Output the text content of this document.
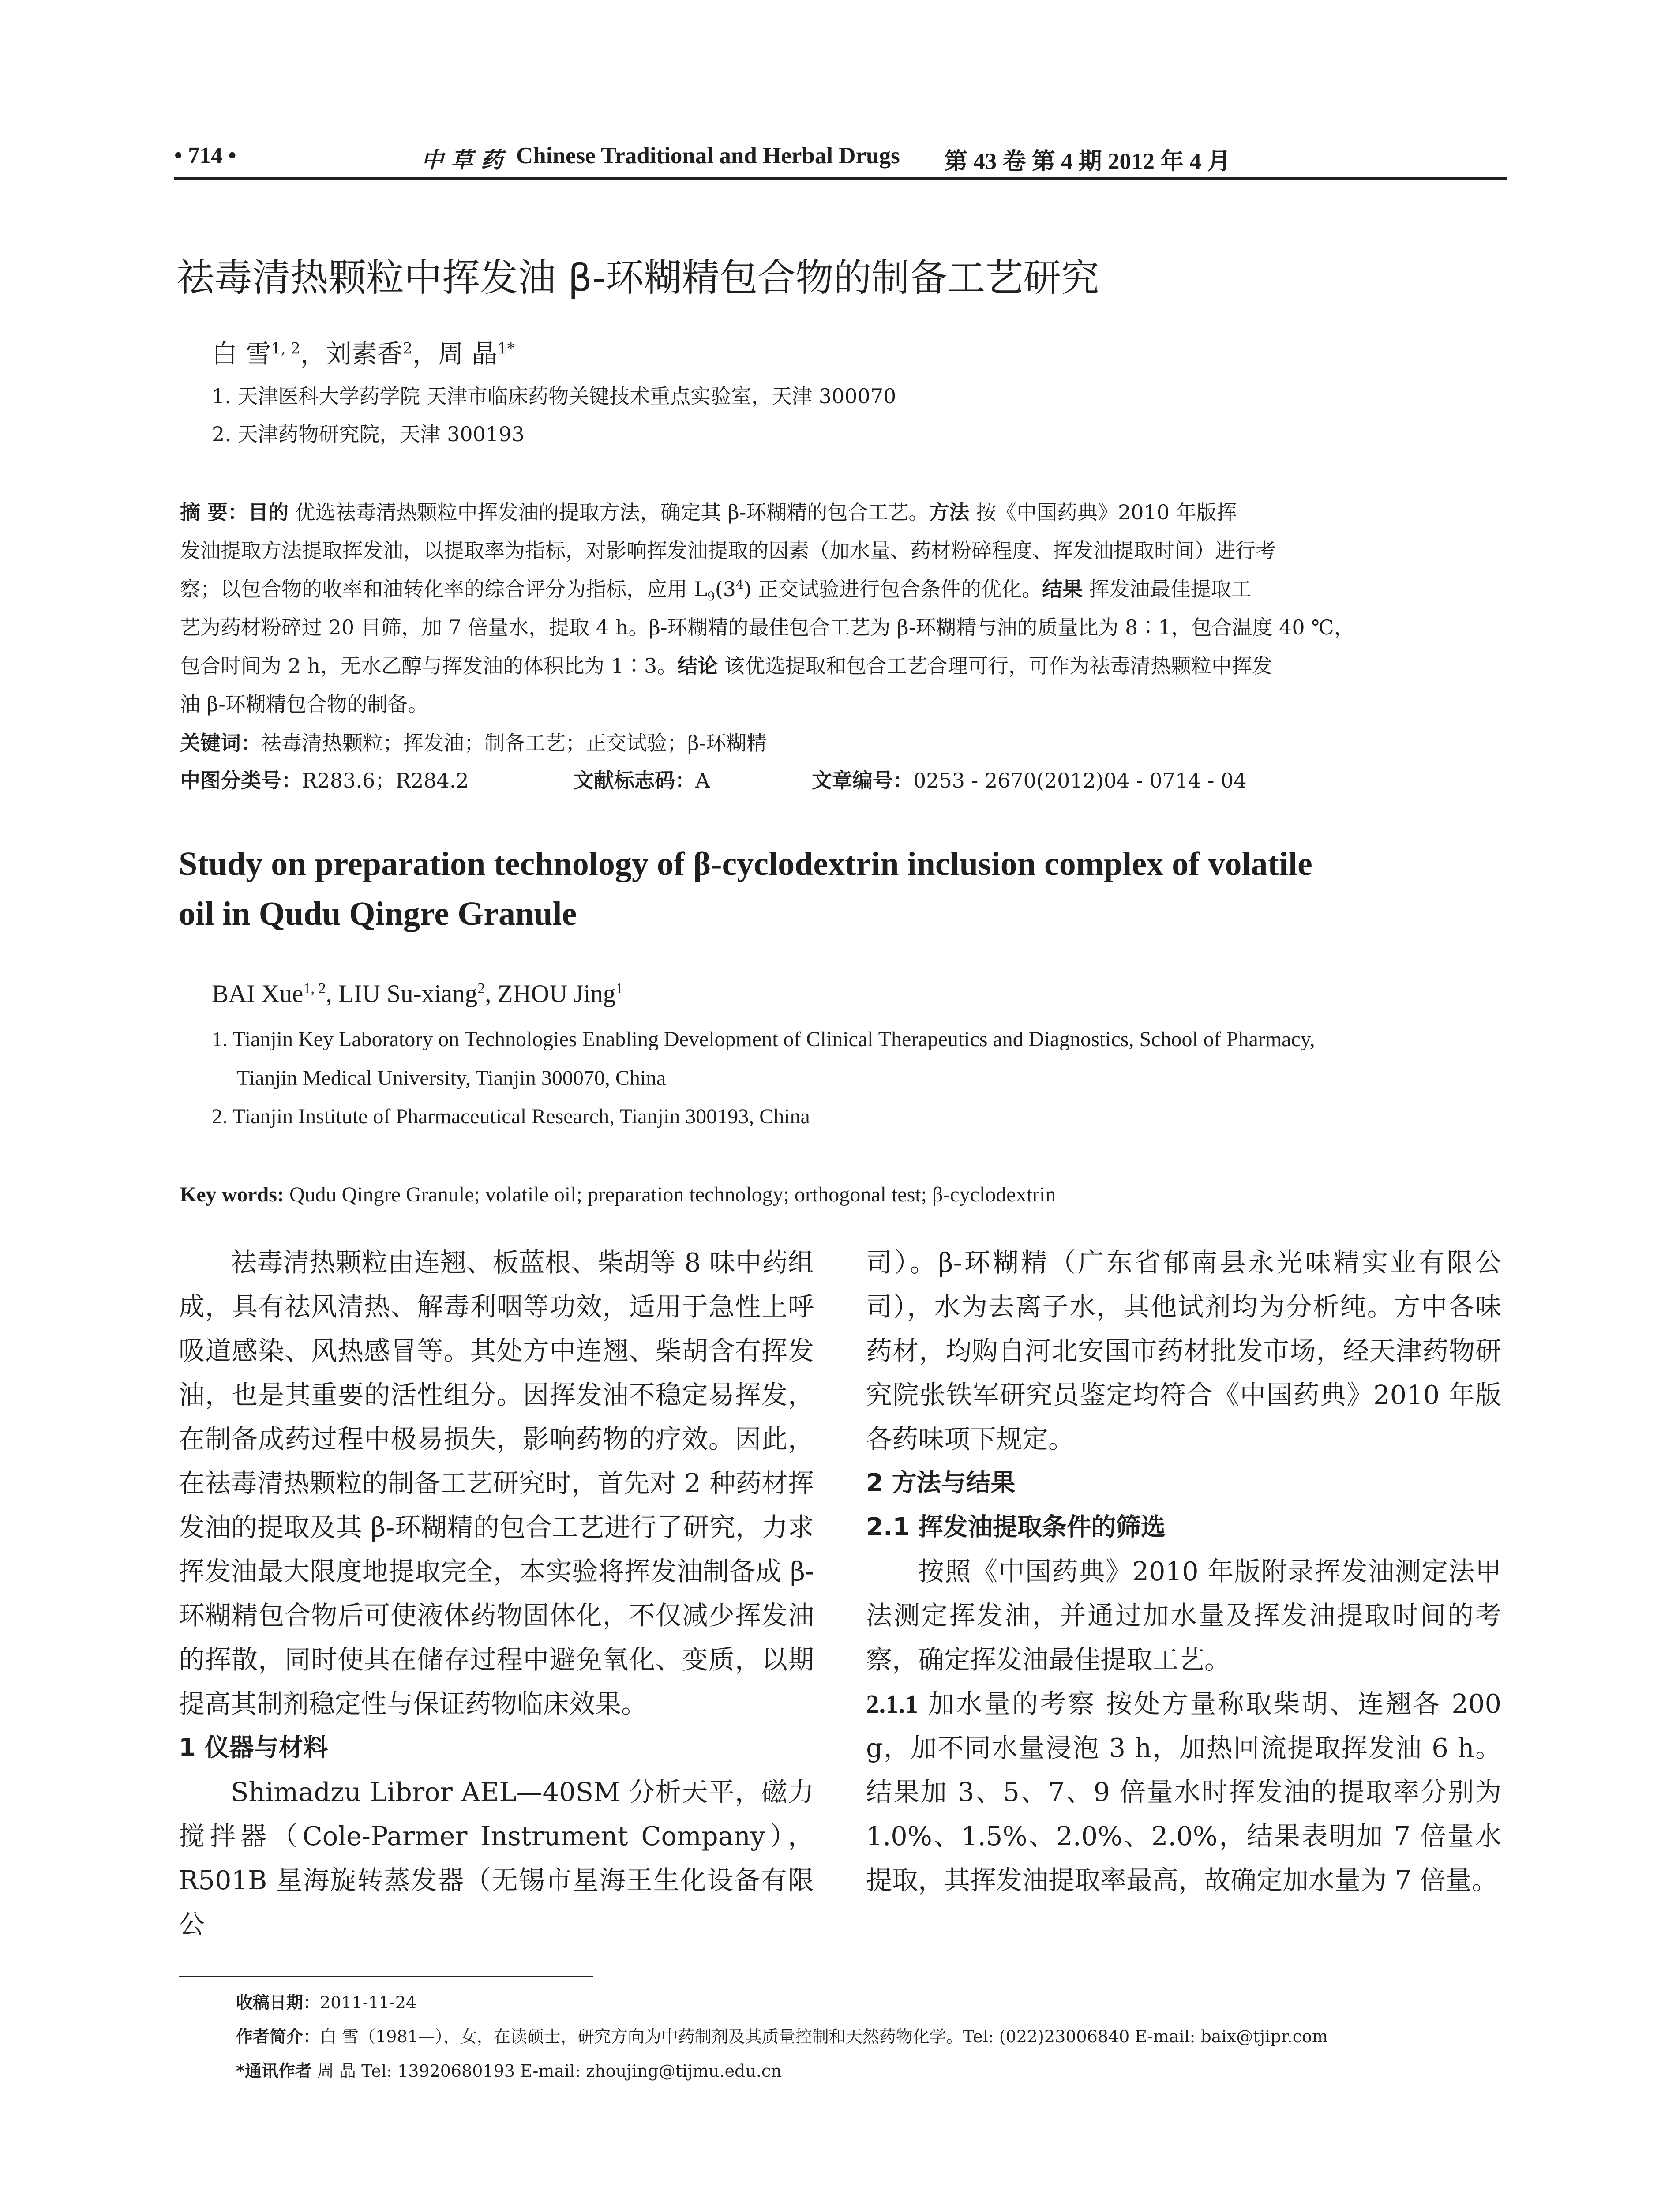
• 714 •	中 草 药 Chinese Traditional and Herbal Drugs 第 43 卷 第 4 期 2012 年 4 月
祛毒清热颗粒中挥发油 β-环糊精包合物的制备工艺研究
白 雪$^{1, 2}$，刘素香$^2$，周 晶$^{1*}$
1. 天津医科大学药学院 天津市临床药物关键技术重点实验室，天津 300070
2. 天津药物研究院，天津 300193
摘 要：目的 优选祛毒清热颗粒中挥发油的提取方法，确定其 β-环糊精的包合工艺。方法 按《中国药典》2010 年版挥
发油提取方法提取挥发油，以提取率为指标，对影响挥发油提取的因素（加水量、药材粉碎程度、挥发油提取时间）进行考
察；以包合物的收率和油转化率的综合评分为指标，应用 $L_9(3^4)$ 正交试验进行包合条件的优化。结果 挥发油最佳提取工
艺为药材粉碎过 20 目筛，加 7 倍量水，提取 4 h。β-环糊精的最佳包合工艺为 β-环糊精与油的质量比为 8∶1，包合温度 40 ℃，
包合时间为 2 h，无水乙醇与挥发油的体积比为 1∶3。结论 该优选提取和包合工艺合理可行，可作为祛毒清热颗粒中挥发
油 β-环糊精包合物的制备。
关键词：祛毒清热颗粒；挥发油；制备工艺；正交试验；β-环糊精
中图分类号：R283.6；R284.2	文献标志码：A	文章编号：0253 - 2670(2012)04 - 0714 - 04
Study on preparation technology of β-cyclodextrin inclusion complex of volatile
oil in Qudu Qingre Granule
BAI Xue$^{1, 2}$, LIU Su-xiang$^2$, ZHOU Jing$^1$
1. Tianjin Key Laboratory on Technologies Enabling Development of Clinical Therapeutics and Diagnostics, School of Pharmacy,
Tianjin Medical University, Tianjin 300070, China
2. Tianjin Institute of Pharmaceutical Research, Tianjin 300193, China
Key words: Qudu Qingre Granule; volatile oil; preparation technology; orthogonal test; β-cyclodextrin

祛毒清热颗粒由连翘、板蓝根、柴胡等 8 味中药组成，具有祛风清热、解毒利咽等功效，适用于急性上呼吸道感染、风热感冒等。其处方中连翘、柴胡含有挥发油，也是其重要的活性组分。因挥发油不稳定易挥发，在制备成药过程中极易损失，影响药物的疗效。因此，在祛毒清热颗粒的制备工艺研究时，首先对 2 种药材挥发油的提取及其 β-环糊精的包合工艺进行了研究，力求挥发油最大限度地提取完全，本实验将挥发油制备成 β-环糊精包合物后可使液体药物固体化，不仅减少挥发油的挥散，同时使其在储存过程中避免氧化、变质，以期提高其制剂稳定性与保证药物临床效果。

1 仪器与材料

Shimadzu Libror AEL—40SM 分析天平，磁力搅拌器（Cole-Parmer Instrument Company），R501B 星海旋转蒸发器（无锡市星海王生化设备有限公

司）。β-环糊精（广东省郁南县永光味精实业有限公司），水为去离子水，其他试剂均为分析纯。方中各味药材，均购自河北安国市药材批发市场，经天津药物研究院张铁军研究员鉴定均符合《中国药典》2010 年版各药味项下规定。

2 方法与结果

2.1 挥发油提取条件的筛选

按照《中国药典》2010 年版附录挥发油测定法甲法测定挥发油，并通过加水量及挥发油提取时间的考察，确定挥发油最佳提取工艺。

2.1.1 加水量的考察 按处方量称取柴胡、连翘各 200 g，加不同水量浸泡 3 h，加热回流提取挥发油 6 h。结果加 3、5、7、9 倍量水时挥发油的提取率分别为 1.0%、1.5%、2.0%、2.0%，结果表明加 7 倍量水提取，其挥发油提取率最高，故确定加水量为 7 倍量。

收稿日期：2011-11-24
作者简介：白 雪（1981—），女，在读硕士，研究方向为中药制剂及其质量控制和天然药物化学。Tel: (022)23006840 E-mail: baix@tjipr.com
*通讯作者 周 晶 Tel: 13920680193 E-mail: zhoujing@tijmu.edu.cn
